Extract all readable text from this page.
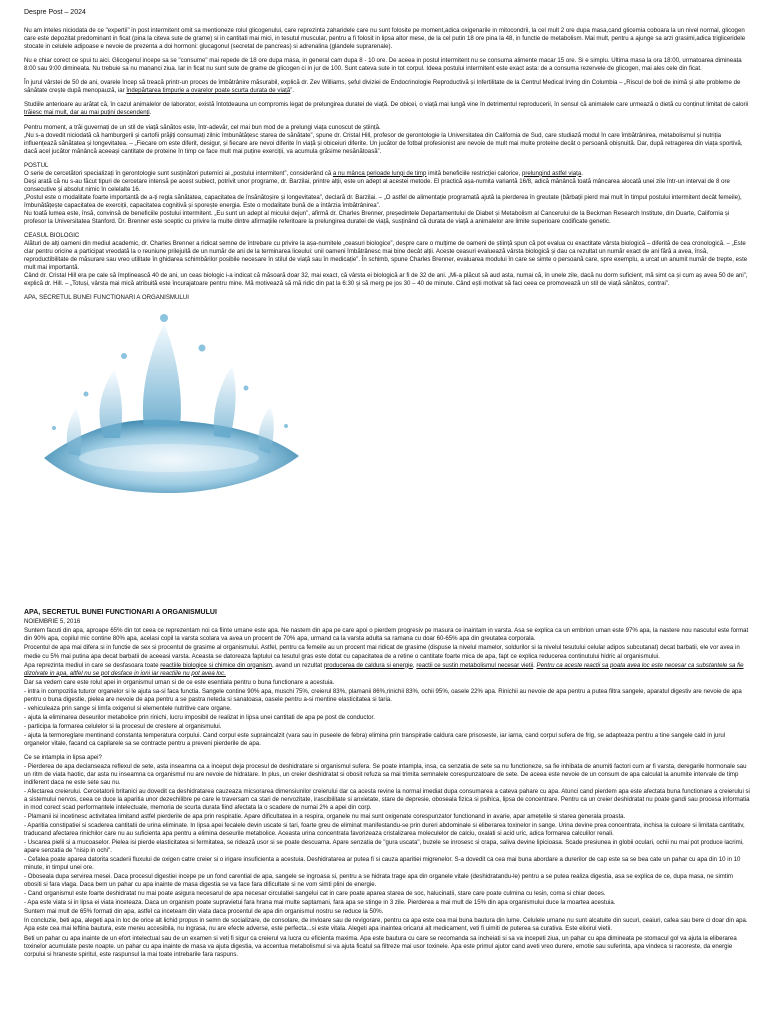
Despre Post – 2024

Nu am inteles niciodata de ce "expertii" in post intermitent omit sa mentioneze rolul glicogenului, care reprezinta zaharidele care nu sunt folosite pe moment,adica oxigenarile in mitocondrii, la cel mult 2 ore dupa masa,cand glicemia coboara la un nivel normal, glicogen care este depozitat predominant in ficat (pina la citeva sute de grame) si in cantitati mai mici, in tesutul muscular, pentru a fi folosit in lipsa altor mese, de la cel putin 18 ore pina la 48, in functie de metabolism. Mai mult, pentru a ajunge sa arzi grasimi,adica trigliceridele stocate in celulele adipoase e nevoie de prezenta a doi hormoni: glucagonul (secretat de pancreas) si adrenalina (glandele suprarenale).

Nu e chiar corect ce spui tu aici. Glicogenul incepe sa se "consume" mai repede de 18 ore dupa masa, in general cam dupa 8 - 10 ore. De aceea in postul intermitent nu se consuma alimente macar 15 ore. Si e simplu. Ultima masa la ora 18:00, urmatoarea dimineata 8:00 sau 9:00 dimineata. Nu trebuie sa nu mananci ziua. Iar in ficat nu sunt sute de grame de glicogen ci in jur de 100. Sunt cateva sute in tot corpul. Ideea postului intermitent este exact asta: de a consuma rezervele de glicogen, mai ales cele din ficat.

În jurul vârstei de 50 de ani, ovarele încep să treacă printr-un proces de îmbătrânire măsurabil, explică dr. Zev Williams, șeful diviziei de Endocrinologie Reproductivă și Infertilitate de la Centrul Medical Irving din Columbia – „Riscul de boli de inimă și alte probleme de sănătate crește după menopauză, iar îndepărtarea timpurie a ovarelor poate scurta durata de viață”.

Studiile anterioare au arătat că, în cazul animalelor de laborator, există întotdeauna un compromis legat de prelungirea duratei de viață. De obicei, o viață mai lungă vine în detrimentul reproducerii, în sensul că animalele care urmează o dietă cu conținut limitat de calorii trăiesc mai mult, dar au mai puțini descendenți.

Pentru moment, a trăi guvernați de un stil de viață sănătos este, într-adevăr, cel mai bun mod de a prelungi viața cunoscut de știință.

„Nu s-a dovedit niciodată că hamburgerii și cartofii prăjiți consumați zilnic îmbunătățesc starea de sănătate”, spune dr. Cristal Hill, profesor de gerontologie la Universitatea din California de Sud, care studiază modul în care îmbătrânirea, metabolismul și nutriția influențează sănătatea și longevitatea. – „Fiecare om este diferit, desigur, și fiecare are nevoi diferite în viață și obiceiuri diferite. Un jucător de fotbal profesionist are nevoie de mult mai multe proteine decât o persoană obișnuită. Dar, după retragerea din viața sportivă, dacă acel jucător mănâncă aceeași cantitate de proteine în timp ce face mult mai puține exerciții, va acumula grăsime nesănătoasă”.

POSTUL
O serie de cercetători specializați în gerontologie sunt susținători puternici ai „postului intermitent”, considerând că a nu mânca perioade lungi de timp imită beneficiile restricției calorice, prelungind astfel viața.
Deși arată că nu s-au făcut tipuri de cercetare intensă pe acest subiect, potrivit unor programe, dr. Barzilai, printre alții, este un adept al acestei metode. El practică așa-numita variantă 16/8, adică mănâncă toată mâncarea alocată unei zile într-un interval de 8 ore consecutive și absolut nimic în celelalte 16.
„Postul este o modalitate foarte importantă de a-ți regla sănătatea, capacitatea de însănătoșire și longevitatea”, declară dr. Barzilai. – „O astfel de alimentație programată ajută la pierderea în greutate (bărbații pierd mai mult în timpul postului intermitent decât femeile), îmbunătățește capacitatea de exerciții, capacitatea cognitivă și sporește energia. Este o modalitate bună de a întârzia îmbătrânirea”.

Nu toată lumea este, însă, convinsă de beneficiile postului intermitent. „Eu sunt un adept al micului dejun”, afirmă dr. Charles Brenner, președintele Departamentului de Diabet și Metabolism al Cancerului de la Beckman Research Institute, din Duarte, California și profesor la Universitatea Stanford. Dr. Brenner este sceptic cu privire la multe dintre afirmațiile referitoare la prelungirea duratei de viață, susținând că durata de viață a animalelor are limite superioare codificate genetic.

CEASUL BIOLOGIC
Alături de alți oameni din mediul academic, dr. Charles Brenner a ridicat semne de întrebare cu privire la așa-numitele „ceasuri biologice”, despre care o mulțime de oameni de știință spun că pot evalua cu exactitate vârsta biologică – diferită de cea cronologică. – „Este clar pentru oricine a participat vreodată la o reuniune prilejuită de un număr de ani de la terminarea liceului: unii oameni îmbătrânesc mai bine decât alții. Aceste ceasuri evaluează vârsta biologică și dau ca rezultat un număr exact de ani fără a avea, însă, reproductibilitate de măsurare sau vreo utilitate în ghidarea schimbărilor posibile necesare în stilul de viață sau în medicație”. În schimb, spune Charles Brenner, evaluarea modului în care se simte o persoană care, spre exemplu, a urcat un anumit număr de trepte, este mult mai importantă.

Când dr. Cristal Hill era pe cale să împlinească 40 de ani, un ceas biologic i-a indicat că măsoară doar 32, mai exact, că vârsta ei biologică ar fi de 32 de ani. „Mi-a plăcut să aud asta, numai că, în unele zile, dacă nu dorm suficient, mă simt ca și cum aș avea 50 de ani”, explică dr. Hill. – „Totuși, vârsta mai mică atribuită este încurajatoare pentru mine. Mă motivează să mă ridic din pat la 6:30 și să merg pe jos 30 – 40 de minute. Când ești motivat să faci ceea ce promovează un stil de viață sănătos, contrai”.

APA, SECRETUL BUNEI FUNCTIONARI A ORGANISMULUI

APA, SECRETUL BUNEI FUNCTIONARI A ORGANISMULUI

NOIEMBRIE 5, 2016

Suntem facuti din apa, aproape 65% din tot ceea ce reprezentam noi ca fiinte umane este apa. Ne nastem din apa pe care apoi o pierdem progresiv pe masura ce inaintam in varsta. Asa se explica ca un embrion uman este 97% apa, la nastere nou nascutul este format din 90% apa, copilul mic contine 80% apa, acelasi copil la varsta scolara va avea un procent de 70% apa, urmand ca la varsta adulta sa ramana cu doar 60-65% apa din greutatea corporala.

Procentul de apa mai difera si in functie de sex si procentul de grasime al organismului. Astfel, pentru ca femeile au un procent mai ridicat de grasime (dispuse la nivelul mamelor, soldurilor si la nivelul tesutului celular adipos subcutanat) decat barbatii, ele vor avea in medie cu 5% mai putina apa decat barbatii de aceeasi varsta. Aceasta se datoreaza faptului ca tesutul gras este dotat cu capacitatea de a retine o cantitate foarte mica de apa, fapt ce explica reducerea continutului hidric al organismului.

Apa reprezinta mediul in care se desfasoara toate reactiile biologice si chimice din organism, avand un rezultat producerea de caldura si energie, reactii ce sustin metabolismul necesar vietii. Pentru ca aceste reactii sa poata avea loc este necesar ca substantele sa fie dizolvate in apa, altfel nu se pot desface in ioni iar reactiile nu pot avea loc.

Dar sa vedem care este rolul apei in organismul uman si de ce este esentiala pentru o buna functionare a acestuia.

- intra in compozitia tuturor organelor si le ajuta sa-si faca functia. Sangele contine 90% apa, muschi 75%, creierul 83%, plamanii 86%,rinichii 83%, ochii 95%, oasele 22% apa. Rinichii au nevoie de apa pentru a putea filtra sangele, aparatul digestiv are nevoie de apa pentru o buna digestie, pielea are nevoie de apa pentru a se pastra neteda si sanatoasa, oasele pentru a-si mentine elasticitatea si taria.

- vehiculeaza prin sange si limfa oxigenul si elementele nutritive care organe.

- ajuta la eliminarea deseurilor metabolice prin rinichi, lucru imposibil de realizat in lipsa unei cantitati de apa pe post de conductor.

- participa la formarea celulelor si la procesul de crestere al organismului.

- ajuta la termoreglare mentinand constanta temperatura corpului. Cand corpul este supraincalzit (vara sau in puseele de febra) elimina prin transpiratie caldura care prisoseste, iar iarna, cand corpul sufera de frig, se adapteaza pentru a tine sangele cald in jurul organelor vitale, facand ca capilarele sa se contracte pentru a preveni pierderile de apa.

Ce se intampla in lipsa apei?

- Pierderea de apa declanseaza reflexul de sete, asta inseamna ca a inceput deja procesul de deshidratare si organismul sufera. Se poate intampla, insa, ca senzatia de sete sa nu functioneze, sa fie inhibata de anumiti factori cum ar fi varsta, deregarile hormonale sau un ritm de viata haotic, dar asta nu inseamna ca organismul nu are nevoie de hidratare. In plus, un creier deshidratat si obosit refuza sa mai trimita semnalele corespunzatoare de sete. De aceea este nevoie de un consum de apa calculat la anumite intervale de timp indiferent daca ne este sete sau nu.

- Afectarea creierului. Cercetatorii britanici au dovedit ca deshidratarea cauzeaza micsorarea dimensiunilor creierului dar ca acesta revine la normal imediat dupa consumarea a cateva pahare cu apa. Atunci cand pierdem apa este afectata buna functionare a creierului si a sistemului nervos, ceea ce duce la aparitia unor dezechilibre pe care le traversam ca stari de nervozitate, irascibilitate si anxietate, stare de depresie, oboseala fizica si psihica, lipsa de concentrare. Pentru ca un creier deshidratat nu poate gandi sau procesa informatia in mod corect scad performantele intelectuale, memoria de scurta durata fiind afectata la o scadere de numai 2% a apei din corp.

- Plamanii isi incetinesc activitatea limitand astfel pierderile de apa prin respiratie. Apare dificultatea in a respira, organele nu mai sunt oxigenate corespunzator functionand in avarie, apar amețelile si starea generala proasta.

- Aparitia constipatiei si scaderea cantitatii de urina eliminate. In lipsa apei fecalele devin uscate si tari, foarte greu de eliminat manifestandu-se prin dureri abdominale si eliberarea toxinelor in sange. Urina devine prea concentrata, inchisa la culoare si limitata cantitativ, traducand afectarea rinichilor care nu au suficienta apa pentru a elimina deseurile metabolice. Aceasta urina concentrata favorizeaza cristalizarea moleculelor de calciu, oxalati si acid uric, adica formarea calculilor renali.

- Uscarea pielii si a mucoaselor. Pielea isi pierde elasticitatea si fermitatea, se ridează usor si se poate descuama. Apare senzatia de "gura uscata", buzele se inrosesc si crapa, saliva devine lipicioasa. Scade presiunea in globii oculari, ochii nu mai pot produce lacrimi, apare senzatia de "nisip in ochi".

- Cefalea poate aparea datorita scaderii fluxului de oxigen catre creier si o irigare insuficienta a acestuia. Deshidratarea ar putea fi si cauza aparitiei migrenelor. S-a dovedit ca cea mai buna abordare a durerilor de cap este sa se bea cate un pahar cu apa din 10 in 10 minute, in timpul unei ore.

- Oboseala dupa servirea mesei. Daca procesul digestiei incepe pe un fond carential de apa, sangele se ingroasa si, pentru a se hidrata trage apa din organele vitale (deshidratandu-le) pentru a se putea realiza digestia, asa se explica de ce, dupa masa, ne simtim obositi si fara vlaga. Daca bem un pahar cu apa inainte de masa digestia se va face fara dificultate si ne vom simti plini de energie.

- Cand organismul este foarte deshidratat nu mai poate asigura necesarul de apa necesar circulatiei sangelui cat in care poate aparea starea de soc, halucinatii, stare care poate culmina cu lesin, coma si chiar deces.

- Apa este viata si in lipsa ei viata inceteaza. Daca un organism poate supravietui fara hrana mai multe saptamani, fara apa se stinge in 3 zile. Pierderea a mai mult de 15% din apa organismului duce la moartea acestuia.

Suntem mai mult de 65% formati din apa, astfel ca inceteam din viata daca procentul de apa din organismul nostru se reduce la 50%.

In concluzie, beti apa, alegeti apa in loc de orice alt lichid propus in semn de socializare, de consolare, de invioare sau de revigorare, pentru ca apa este cea mai buna bautura din lume. Celulele umane nu sunt alcatuite din sucuri, ceaiuri, cafea sau bere ci doar din apa. Apa este cea mai leftina bautura, este mereu accesibila, nu ingrasa, nu are efecte adverse, este perfecta...si este vitala. Alegeti apa inaintea oricarui alt medicament, veti fi uimiti de puterea sa curativa. Este elixirul vietii.

Beti un pahar cu apa inainte de un efort intelectual sau de un examen si veti fi sigur ca creierul va lucra cu eficienta maxima. Apa este bautura cu care se recomanda sa incheiati si sa va incepeti ziua, un pahar cu apa dimineata pe stomacul gol va ajuta la eliberarea toxinelor acumulate peste noapte. un pahar cu apa inainte de masa va ajuta digestia, va accentua metabolismul si va ajuta ficatul sa filtreze mai usor toxinele. Apa este primul ajutor cand aveti vreo durere, emotie sau suferinta, apa vindeca si racoreste, da energie corpului si hraneste spiritul, este raspunsul la mai toate intrebarile fara raspuns.
